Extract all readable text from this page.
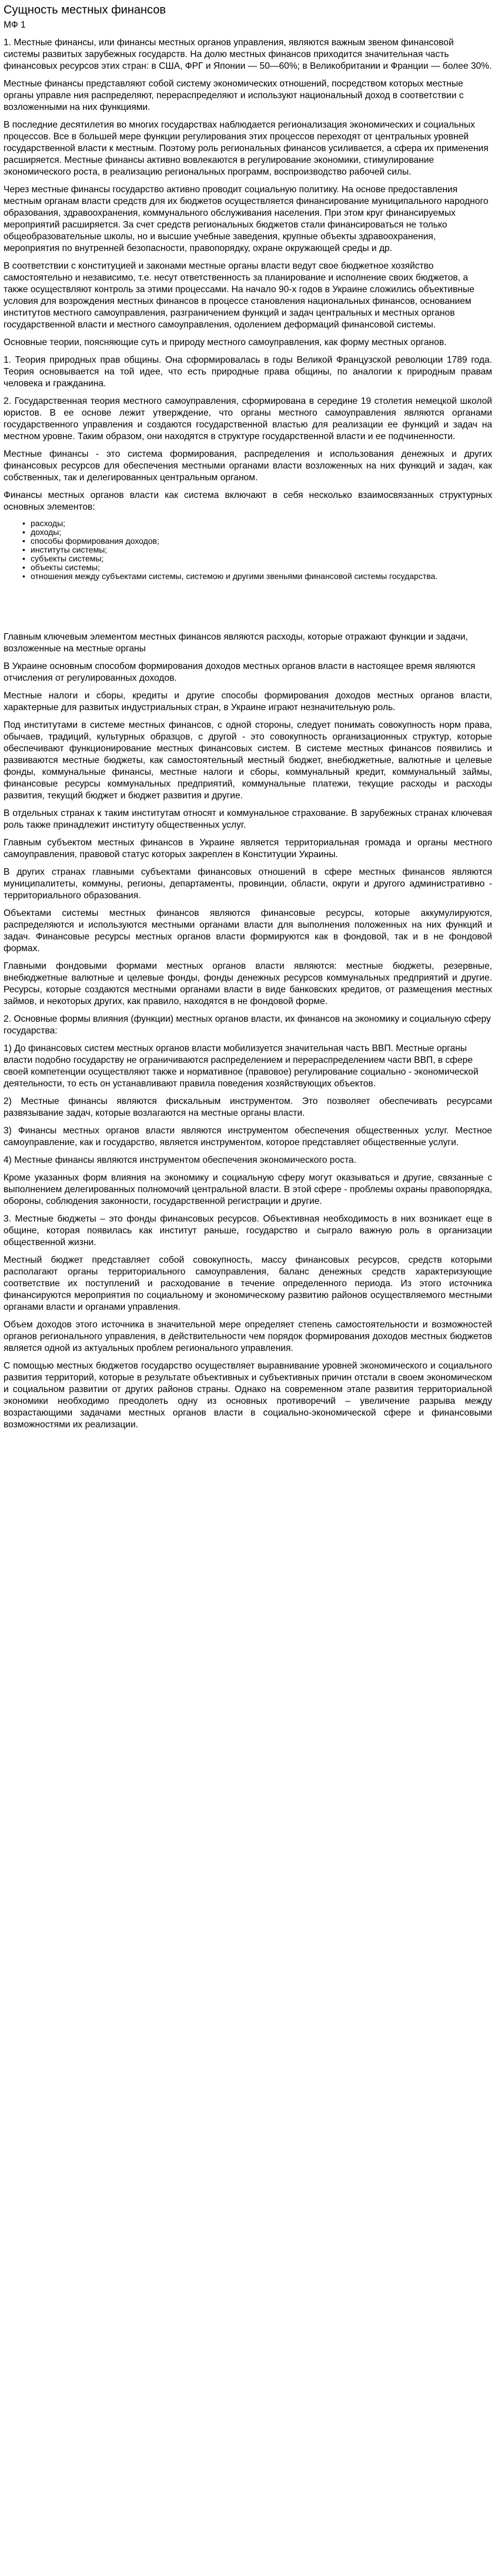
Сущность местных финансов
МФ 1

1. Местные финансы, или финансы местных органов управления, являются важным звеном финансовой системы развитых зарубежных государств. На долю местных финансов приходится значительная часть финансовых ресурсов этих стран: в США, ФРГ и Японии — 50—60%; в Великобритании и Франции — более 30%.

Местные финансы представляют собой систему экономических отношений, посредством которых местные органы управле ния распределяют, перераспределяют и используют национальный доход в соответствии с возложенными на них функциями.

В последние десятилетия во многих государствах наблюдается регионализация экономических и социальных процессов. Все в большей мере функции регулирования этих процессов переходят от центральных уровней государственной власти к местным. Поэтому роль региональных финансов усиливается, а сфера их применения расширяется. Местные финансы активно вовлекаются в регулирование экономики, стимулирование экономического роста, в реализацию региональных программ, воспроизводство рабочей силы.

Через местные финансы государство активно проводит социальную политику. На основе предоставления местным органам власти средств для их бюджетов осуществляется финансирование муниципального народного образования, здравоохранения, коммунального обслуживания населения. При этом круг финансируемых мероприятий расширяется. За счет средств региональных бюджетов стали финансироваться не только общеобразовательные школы, но и высшие учебные заведения, крупные объекты здравоохранения, мероприятия по внутренней безопасности, правопорядку, охране окружающей среды и др.

В соответствии с конституцией и законами местные органы власти ведут свое бюджетное хозяйство самостоятельно и независимо, т.е. несут ответственность за планирование и исполнение своих бюджетов, а также осуществляют контроль за этими процессами. На начало 90-х годов в Украине сложились объективные условия для возрождения местных финансов в процессе становления национальных финансов, основанием институтов местного самоуправления, разграничением функций и задач центральных и местных органов государственной власти и местного самоуправления, одолением деформаций финансовой системы.

Основные теории, поясняющие суть и природу местного самоуправления, как форму местных органов.

1. Теория природных прав общины. Она сформировалась в годы Великой Французской революции 1789 года. Теория основывается на той идее, что есть природные права общины, по аналогии к природным правам человека и гражданина.

2. Государственная теория местного самоуправления, сформирована в середине 19 столетия немецкой школой юристов. В ее основе лежит утверждение, что органы местного самоуправления являются органами государственного управления и создаются государственной властью для реализации ее функций и задач на местном уровне. Таким образом, они находятся в структуре государственной власти и ее подчиненности.

Местные финансы - это система формирования, распределения и использования денежных и других финансовых ресурсов для обеспечения местными органами власти возложенных на них функций и задач, как собственных, так и делегированных центральным органом.

Финансы местных органов власти как система включают в себя несколько взаимосвязанных структурных основных элементов:

• расходы;
• доходы;
• способы формирования доходов;
• институты системы;
• субъекты системы;
• объекты системы;
• отношения между субъектами системы, системою и другими звеньями финансовой системы государства.

Главным ключевым элементом местных финансов являются расходы, которые отражают функции и задачи, возложенные на местные органы

В Украине основным способом формирования доходов местных органов власти в настоящее время являются отчисления от регулированных доходов.

Местные налоги и сборы, кредиты и другие способы формирования доходов местных органов власти, характерные для развитых индустриальных стран, в Украине играют незначительную роль.

Под институтами в системе местных финансов, с одной стороны, следует понимать совокупность норм права, обычаев, традиций, культурных образцов, с другой - это совокупность организационных структур, которые обеспечивают функционирование местных финансовых систем. В системе местных финансов появились и развиваются местные бюджеты, как самостоятельный местный бюджет, внебюджетные, валютные и целевые фонды, коммунальные финансы, местные налоги и сборы, коммунальный кредит, коммунальный займы, финансовые ресурсы коммунальных предприятий, коммунальные платежи, текущие расходы и расходы развития, текущий бюджет и бюджет развития и другие.

В отдельных странах к таким институтам относят и коммунальное страхование. В зарубежных странах ключевая роль также принадлежит институту общественных услуг.

Главным субъектом местных финансов в Украине является территориальная громада и органы местного самоуправления, правовой статус которых закреплен в Конституции Украины.

В других странах главными субъектами финансовых отношений в сфере местных финансов являются муниципалитеты, коммуны, регионы, департаменты, провинции, области, округи и другого административно - территориального образования.

Объектами системы местных финансов являются финансовые ресурсы, которые аккумулируются, распределяются и используются местными органами власти для выполнения положенных на них функций и задач. Финансовые ресурсы местных органов власти формируются как в фондовой, так и в не фондовой формах.

Главными фондовыми формами местных органов власти являются: местные бюджеты, резервные, внебюджетные валютные и целевые фонды, фонды денежных ресурсов коммунальных предприятий и другие. Ресурсы, которые создаются местными органами власти в виде банковских кредитов, от размещения местных займов, и некоторых других, как правило, находятся в не фондовой форме.

2. Основные формы влияния (функции) местных органов власти, их финансов на экономику и социальную сферу государства:

1) До финансовых систем местных органов власти мобилизуется значительная часть ВВП. Местные органы власти подобно государству не ограничиваются распределением и перераспределением части ВВП, в сфере своей компетенции осуществляют также и нормативное (правовое) регулирование социально - экономической деятельности, то есть он устанавливают правила поведения хозяйствующих объектов.

2) Местные финансы являются фискальным инструментом. Это позволяет обеспечивать ресурсами развязывание задач, которые возлагаются на местные органы власти.

3) Финансы местных органов власти являются инструментом обеспечения общественных услуг. Местное самоуправление, как и государство, является инструментом, которое представляет общественные услуги.

4) Местные финансы являются инструментом обеспечения экономического роста.

Кроме указанных форм влияния на экономику и социальную сферу могут оказываться и другие, связанные с выполнением делегированных полномочий центральной власти. В этой сфере - проблемы охраны правопорядка, обороны, соблюдения законности, государственной регистрации и другие.

3. Местные бюджеты – это фонды финансовых ресурсов. Объективная необходимость в них возникает еще в общине, которая появилась как институт раньше, государство и сыграло важную роль в организации общественной жизни.

Местный бюджет представляет собой совокупность, массу финансовых ресурсов, средств которыми располагают органы территориального самоуправления, баланс денежных средств характеризующие соответствие их поступлений и расходование в течение определенного периода. Из этого источника финансируются мероприятия по социальному и экономическому развитию районов осуществляемого местными органами власти и органами управления.

Объем доходов этого источника в значительной мере определяет степень самостоятельности и возможностей органов регионального управления, в действительности чем порядок формирования доходов местных бюджетов является одной из актуальных проблем регионального управления.

С помощью местных бюджетов государство осуществляет выравнивание уровней экономического и социального развития территорий, которые в результате объективных и субъективных причин отстали в своем экономическом и социальном развитии от других районов страны. Однако на современном этапе развития территориальной экономики необходимо преодолеть одну из основных противоречий – увеличение разрыва между возрастающими задачами местных органов власти в социально-экономической сфере и финансовыми возможностями их реализации.
